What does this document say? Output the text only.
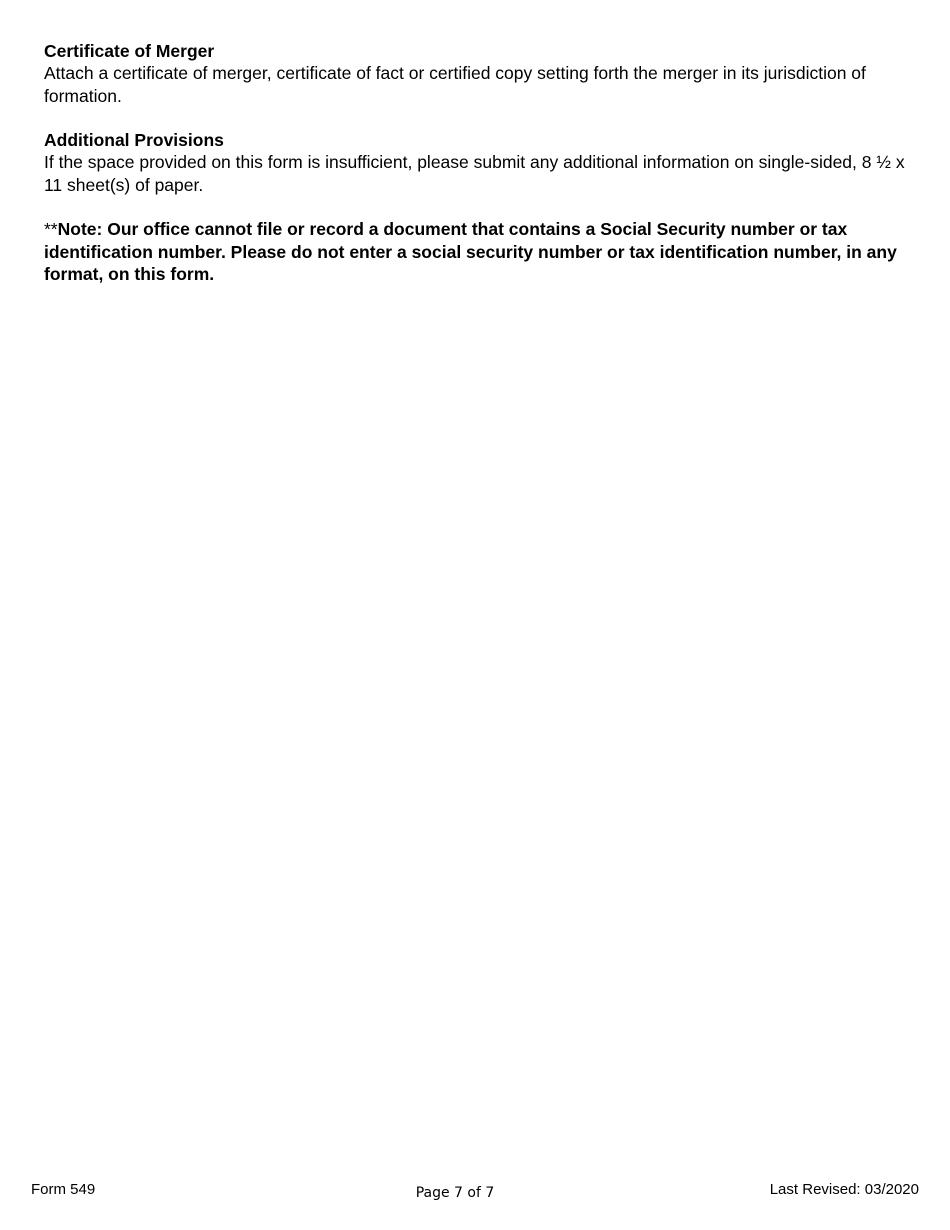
Certificate of Merger

Attach a certificate of merger, certificate of fact or certified copy setting forth the merger in its jurisdiction of formation.

Additional Provisions

If the space provided on this form is insufficient, please submit any additional information on single-sided, 8 ½ x 11 sheet(s) of paper.

**Note: Our office cannot file or record a document that contains a Social Security number or tax identification number. Please do not enter a social security number or tax identification number, in any format, on this form.

Form 549	Page 7 of 7	Last Revised: 03/2020
